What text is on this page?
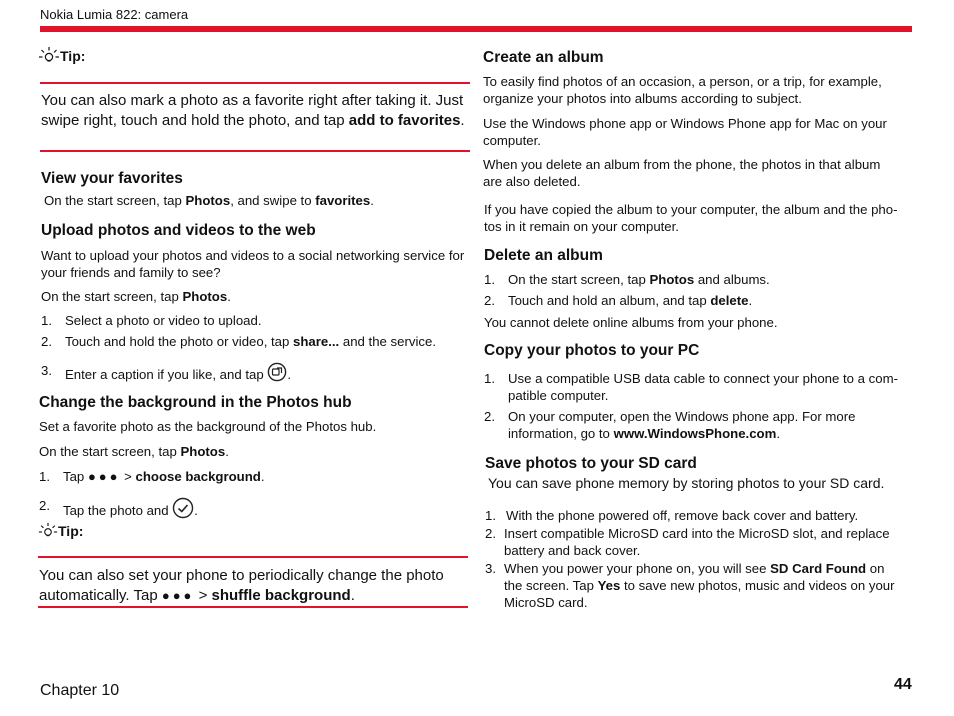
Nokia Lumia 822: camera
Tip:
You can also mark a photo as a favorite right after taking it. Just swipe right, touch and hold the photo, and tap add to favorites.
View your favorites
On the start screen, tap Photos, and swipe to favorites.
Upload photos and videos to the web
Want to upload your photos and videos to a social networking service for your friends and family to see?
On the start screen, tap Photos.
1. Select a photo or video to upload.
2. Touch and hold the photo or video, tap share... and the service.
3. Enter a caption if you like, and tap .
Change the background in the Photos hub
Set a favorite photo as the background of the Photos hub.
On the start screen, tap Photos.
1. Tap ●●● > choose background.
2. Tap the photo and .
Tip:
You can also set your phone to periodically change the photo automatically. Tap ●●● > shuffle background.
Create an album
To easily find photos of an occasion, a person, or a trip, for example, organize your photos into albums according to subject.
Use the Windows phone app or Windows Phone app for Mac on your computer.
When you delete an album from the phone, the photos in that album are also deleted.
If you have copied the album to your computer, the album and the pho-tos in it remain on your computer.
Delete an album
1. On the start screen, tap Photos and albums.
2. Touch and hold an album, and tap delete.
You cannot delete online albums from your phone.
Copy your photos to your PC
1. Use a compatible USB data cable to connect your phone to a com-patible computer.
2. On your computer, open the Windows phone app. For more information, go to www.WindowsPhone.com.
Save photos to your SD card
You can save phone memory by storing photos to your SD card.
1. With the phone powered off, remove back cover and battery.
2. Insert compatible MicroSD card into the MicroSD slot, and replace battery and back cover.
3. When you power your phone on, you will see SD Card Found on the screen. Tap Yes to save new photos, music and videos on your MicroSD card.
Chapter 10	44
